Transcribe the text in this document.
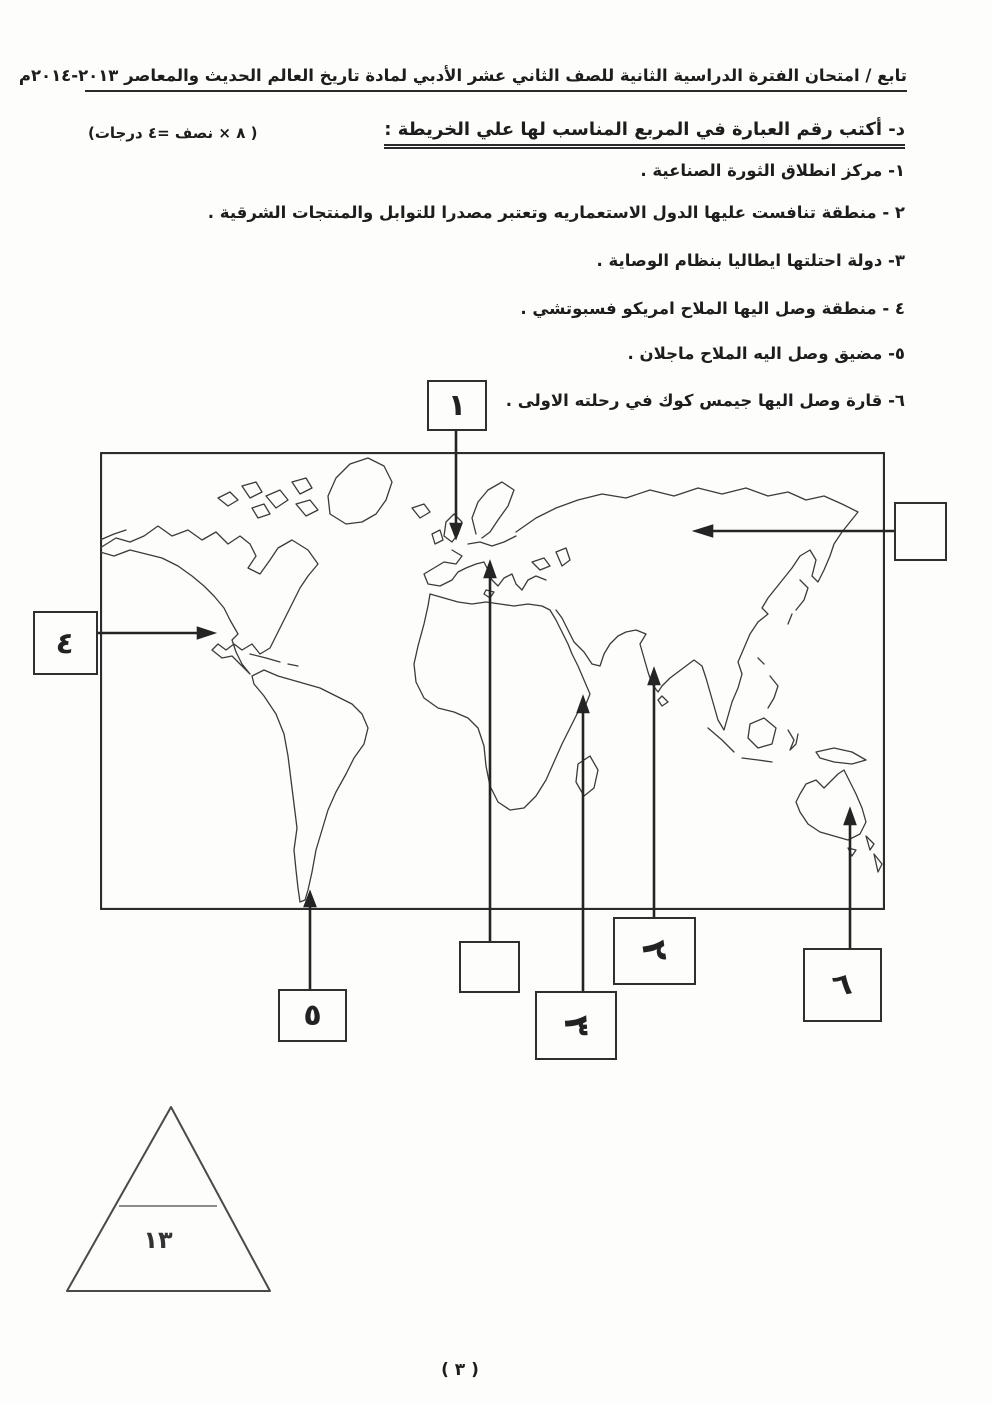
تابع / امتحان الفترة الدراسية الثانية للصف الثاني عشر الأدبي لمادة تاريخ العالم الحديث والمعاصر ٢٠١٣-٢٠١٤م
د- أكتب رقم العبارة في المربع المناسب لها علي الخريطة :
( ٨ × نصف =٤ درجات)
١- مركز انطلاق الثورة الصناعية .
٢ - منطقة تنافست عليها الدول الاستعماريه وتعتبر مصدرا للتوابل والمنتجات الشرقية .
٣- دولة احتلتها ايطاليا بنظام الوصاية .
٤ - منطقة وصل اليها الملاح امريكو فسبوتشي .
٥- مضيق وصل اليه الملاح ماجلان .
٦- قارة وصل اليها جيمس كوك في رحلته الاولى .
١
٤
٥	٣
٢
٦
١٣
( ٣ )
